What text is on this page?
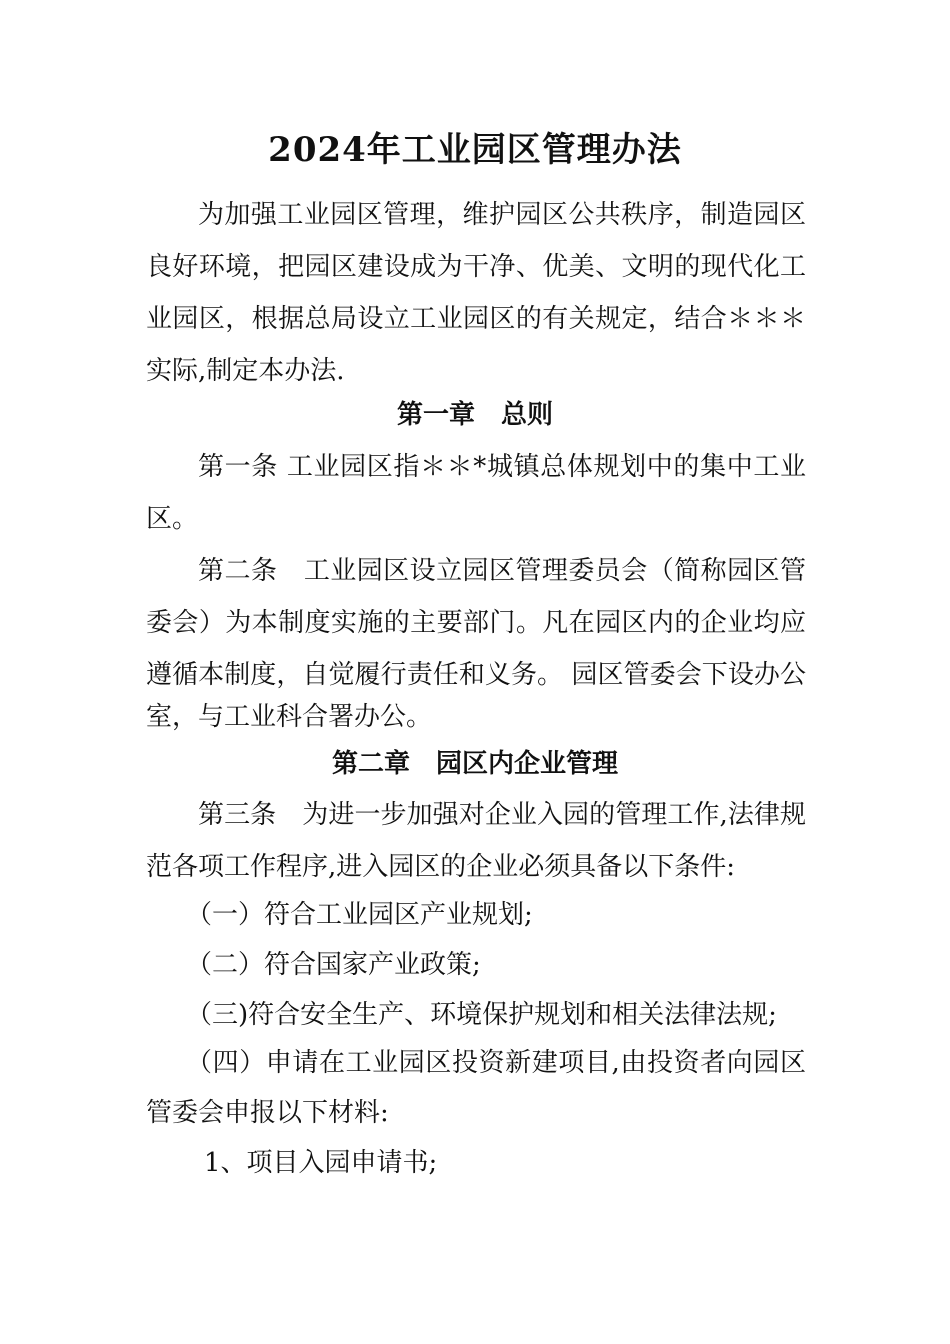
2024年工业园区管理办法

为加强工业园区管理，维护园区公共秩序，制造园区

良好环境，把园区建设成为干净、优美、文明的现代化工

业园区，根据总局设立工业园区的有关规定，结合＊＊＊

实际,制定本办法.

第一章　总则

第一条 工业园区指＊＊*城镇总体规划中的集中工业

区。

第二条　工业园区设立园区管理委员会（简称园区管

委会）为本制度实施的主要部门。凡在园区内的企业均应

遵循本制度，自觉履行责任和义务。 园区管委会下设办公

室，与工业科合署办公。

第二章　园区内企业管理

第三条　为进一步加强对企业入园的管理工作,法律规

范各项工作程序,进入园区的企业必须具备以下条件:

（一）符合工业园区产业规划;

（二）符合国家产业政策;

（三)符合安全生产、环境保护规划和相关法律法规;

（四）申请在工业园区投资新建项目,由投资者向园区

管委会申报以下材料:

1、项目入园申请书;
